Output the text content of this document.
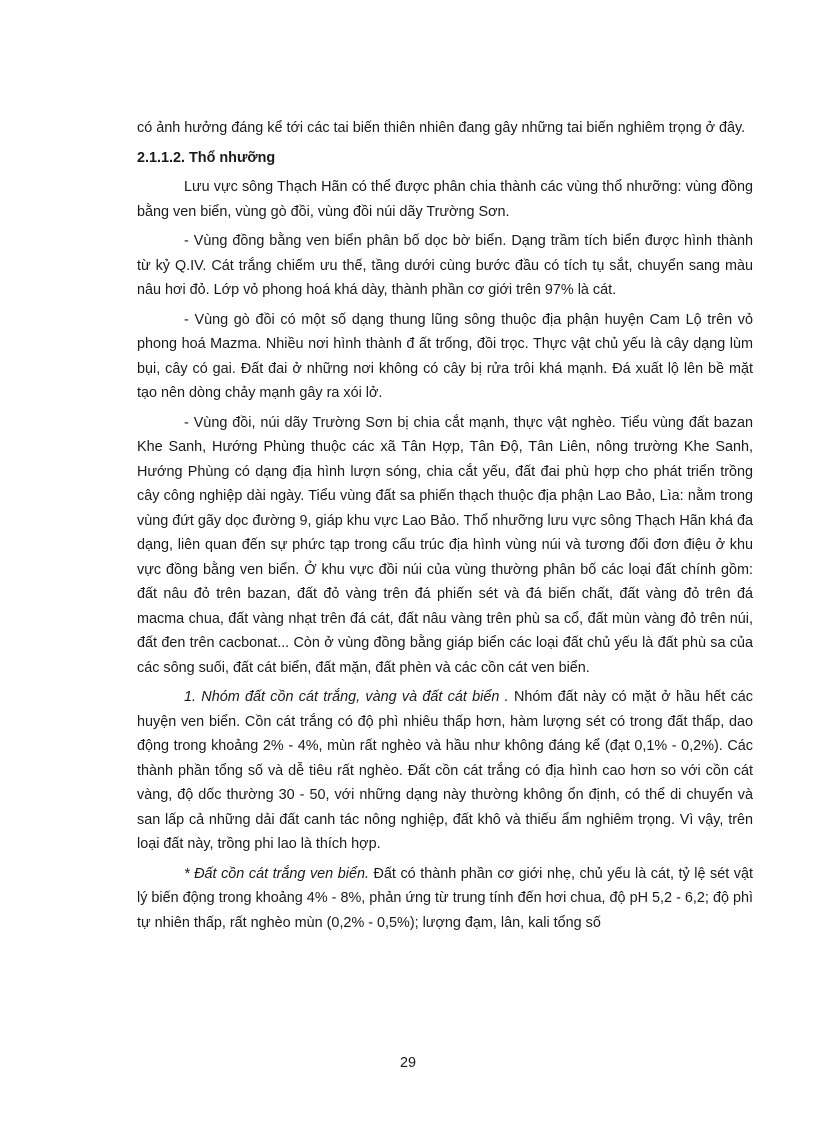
có ảnh hưởng đáng kể tới các tai biến thiên nhiên đang gây những tai biến nghiêm trọng ở đây.

2.1.1.2. Thổ nhưỡng

Lưu vực sông Thạch Hãn có thể được phân chia thành các vùng thổ nhưỡng: vùng đồng bằng ven biển, vùng gò đồi, vùng đồi núi dãy Trường Sơn.

- Vùng đồng bằng ven biển phân bố dọc bờ biển. Dạng trầm tích biển được hình thành từ kỷ Q.IV. Cát trắng chiếm ưu thế, tầng dưới cùng bước đầu có tích tụ sắt, chuyển sang màu nâu hơi đỏ. Lớp vỏ phong hoá khá dày, thành phần cơ giới trên 97% là cát.

- Vùng gò đồi có một số dạng thung lũng sông thuộc địa phận huyện Cam Lộ trên vỏ phong hoá Mazma. Nhiều nơi hình thành đ ất trống, đồi trọc. Thực vật chủ yếu là cây dạng lùm bụi, cây có gai. Đất đai ở những nơi không có cây bị rửa trôi khá mạnh. Đá xuất lộ lên bề mặt tạo nên dòng chảy mạnh gây ra xói lở.

- Vùng đồi, núi dãy Trường Sơn bị chia cắt mạnh, thực vật nghèo. Tiểu vùng đất bazan Khe Sanh, Hướng Phùng thuộc các xã Tân Hợp, Tân Độ, Tân Liên, nông trường Khe Sanh, Hướng Phùng có dạng địa hình lượn sóng, chia cắt yếu, đất đai phù hợp cho phát triển trồng cây công nghiệp dài ngày. Tiểu vùng đất sa phiến thạch thuộc địa phận Lao Bảo, Lìa: nằm trong vùng đứt gãy dọc đường 9, giáp khu vực Lao Bảo. Thổ nhưỡng lưu vực sông Thạch Hãn khá đa dạng, liên quan đến sự phức tạp trong cấu trúc địa hình vùng núi và tương đối đơn điệu ở khu vực đồng bằng ven biển. Ở khu vực đồi núi của vùng thường phân bố các loại đất chính gồm: đất nâu đỏ trên bazan, đất đỏ vàng trên đá phiến sét và đá biến chất, đất vàng đỏ trên đá macma chua, đất vàng nhạt trên đá cát, đất nâu vàng trên phù sa cổ, đất mùn vàng đỏ trên núi, đất đen trên cacbonat... Còn ở vùng đồng bằng giáp biển các loại đất chủ yếu là đất phù sa của các sông suối, đất cát biển, đất mặn, đất phèn và các cồn cát ven biển.

1. Nhóm đất cồn cát trắng, vàng và đất cát biển . Nhóm đất này có mặt ở hầu hết các huyện ven biển. Cồn cát trắng có độ phì nhiêu thấp hơn, hàm lượng sét có trong đất thấp, dao động trong khoảng 2% - 4%, mùn rất nghèo và hầu như không đáng kể (đạt 0,1% - 0,2%). Các thành phần tổng số và dễ tiêu rất nghèo. Đất cồn cát trắng có địa hình cao hơn so với cồn cát vàng, độ dốc thường 30 - 50, với những dạng này thường không ổn định, có thể di chuyển và san lấp cả những dải đất canh tác nông nghiệp, đất khô và thiếu ẩm nghiêm trọng. Vì vậy, trên loại đất này, trồng phi lao là thích hợp.

* Đất cồn cát trắng ven biển. Đất có thành phần cơ giới nhẹ, chủ yếu là cát, tỷ lệ sét vật lý biến động trong khoảng 4% - 8%, phản ứng từ trung tính đến hơi chua, độ pH 5,2 - 6,2; độ phì tự nhiên thấp, rất nghèo mùn (0,2% - 0,5%); lượng đạm, lân, kali tổng số

29
